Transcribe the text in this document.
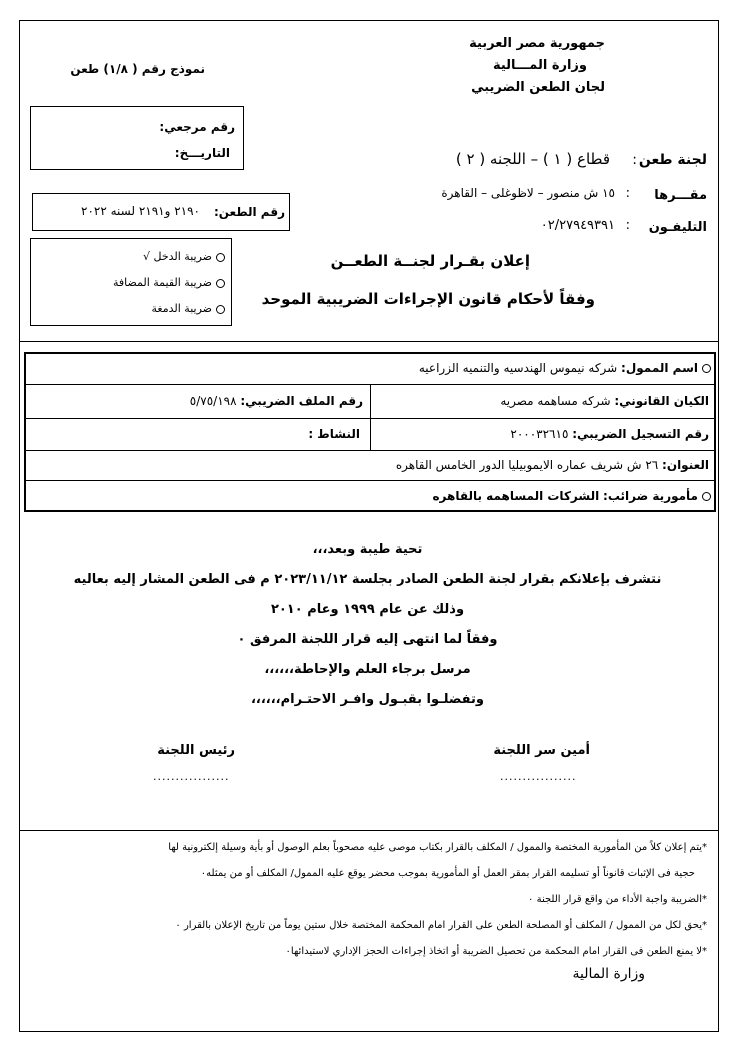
جمهورية مصر العربية
وزارة المـــالية
لجان الطعن الضريبي
نموذج رقم ( ١/٨) طعن
رقم مرجعي:
التاريـــخ:	لجنة طعن
:
قطاع ( ١ ) – اللجنه ( ٢ )
مقـــرها
:
١٥ ش منصور – لاظوغلى – القاهرة
التليفـون
:
٠٢/٢٧٩٤٩٣٩١
رقم الطعن:
٢١٩٠ و٢١٩١ لسنه ٢٠٢٢
ضريبة الدخل √
ضريبة القيمة المضافة
ضريبة الدمغة
إعلان بقـرار لجنــة الطعــن
وفقاً لأحكام قانون الإجراءات الضريبية الموحد
اسم الممول: شركه نيموس الهندسيه والتنميه الزراعيه
الكيان القانوني: شركه مساهمه مصريه
رقم الملف الضريبي: ٥/٧٥/١٩٨
رقم التسجيل الضريبي: ٢٠٠٠٣٢٦١٥
النشاط :
العنوان: ٢٦ ش شريف عماره الايموبيليا الدور الخامس القاهره
مأمورية ضرائب: الشركات المساهمه بالقاهره
تحية طيبة وبعد،،،
نتشرف بإعلانكم بقرار لجنة الطعن الصادر بجلسة ٢٠٢٣/١١/١٢ م فى الطعن المشار إليه بعاليه
وذلك عن عام ١٩٩٩ وعام ٢٠١٠
وفقاً لما انتهى إليه قرار اللجنة المرفق ٠
مرسل برجاء العلم والإحاطة،،،،،،
وتفضلـوا بقبـول وافـر الاحتـرام،،،،،،
أمين سر اللجنة
.................
رئيس اللجنة
.................
*يتم إعلان كلاً من المأمورية المختصة والممول / المكلف بالقرار بكتاب موصى عليه مصحوباً بعلم الوصول أو بأية وسيلة إلكترونية لها
حجية فى الإثبات قانوناً أو تسليمه القرار بمقر العمل أو المأمورية بموجب محضر يوقع عليه الممول/ المكلف أو من يمثله٠
*الضريبة واجبة الأداء من واقع قرار اللجنة ٠
*يحق لكل من الممول / المكلف أو المصلحة الطعن على القرار امام المحكمة المختصة خلال ستين يوماً من تاريخ الإعلان بالقرار ٠
*لا يمنع الطعن فى القرار امام المحكمة من تحصيل الضريبة أو اتخاذ إجراءات الحجز الإداري لاستيدائها٠
وزارة المالية
